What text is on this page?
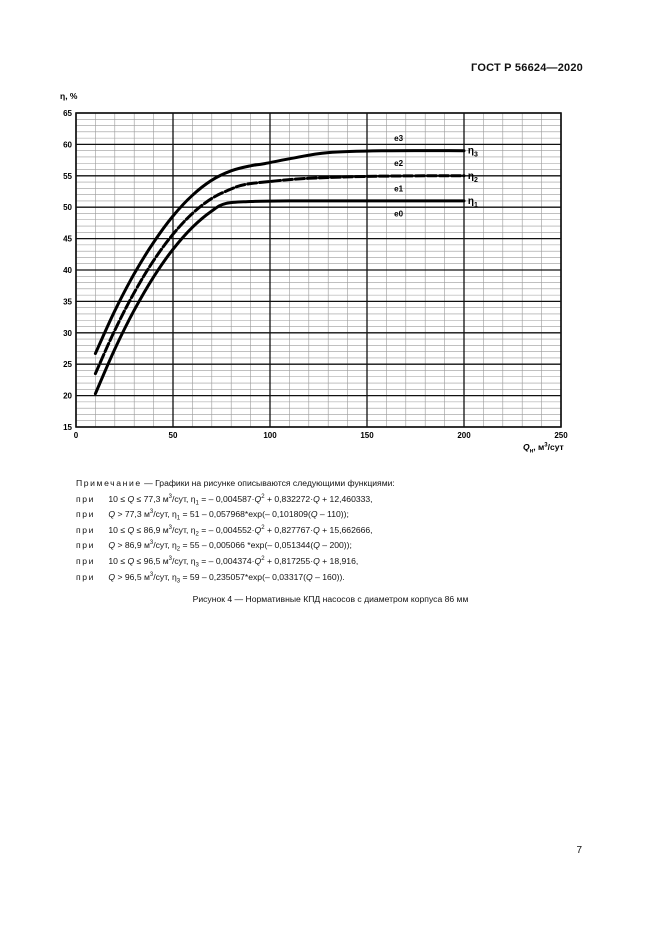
ГОСТ Р 56624—2020
0	50	100	150	200	250
15
20
25
30
35
40
45
50
55
60
65
$\eta_3$
$\eta_2$
$\eta_1$
е3
е2
е1
е0
η, %
$Q_н$, $м^3$/сут
Примечание — Графики на рисунке описываются следующими функциями:
при 10 ≤ Q ≤ 77,3 $м^3$/сут, $\eta_1$ = – $0,004587\cdot Q^2 + 0,832272\cdot Q + 12,460333$,
при Q > 77,3 $м^3$/сут, $\eta_1 = 51 - 0,057968*\exp(-$ 0,101809(Q – 110));
при 10 ≤ Q ≤ 86,9 $м^3$/сут, $\eta_2$ = – $0,004552\cdot Q^2 + 0,827767\cdot Q + 15,662666$,
при Q > 86,9 $м^3$/сут, $\eta_2 = 55 - 0,005066$ *exp(– 0,051344(Q – 200));
при 10 ≤ Q ≤ 96,5 $м^3$/сут, $\eta_3$ = – $0,004374\cdot Q^2 + 0,817255\cdot Q + 18,916$,
при Q > 96,5 $м^3$/сут, $\eta_3 = 59 - 0,235057*\exp(-$ 0,03317(Q – 160)).
Рисунок 4 — Нормативные КПД насосов с диаметром корпуса 86 мм
7
